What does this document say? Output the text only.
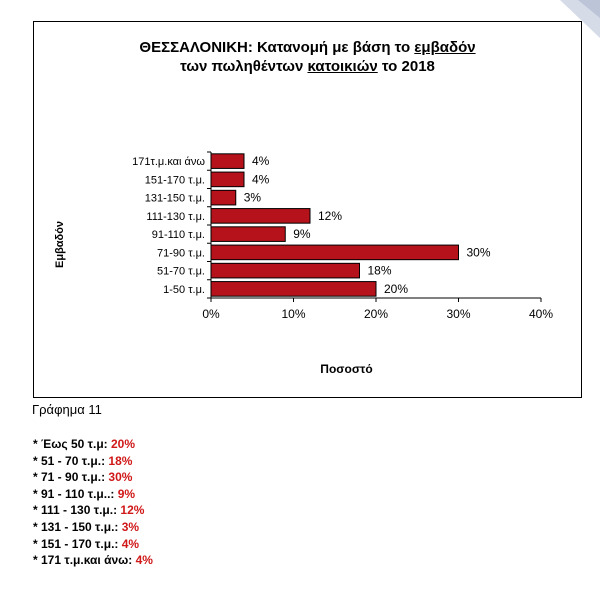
ΘΕΣΣΑΛΟΝΙΚΗ: Κατανομή με βάση το εμβαδόν
των πωληθέντων κατοικιών το 2018
Εμβαδόν
0%	10%	20%	30%	40%
171τ.μ.και άνω	4%
151-170 τ.μ.	4%
131-150 τ.μ.	3%
111-130 τ.μ.	12%
91-110 τ.μ.	9%
71-90 τ.μ.	30%
51-70 τ.μ.	18%
1-50 τ.μ.	20%
Ποσοστό
Γράφημα 11
* Έως 50 τ.μ: 20%
* 51 - 70 τ.μ.: 18%
* 71 - 90 τ.μ.: 30%
* 91 - 110 τ.μ..: 9%
* 111 - 130 τ.μ.: 12%
* 131 - 150 τ.μ.: 3%
* 151 - 170 τ.μ.: 4%
* 171 τ.μ.και άνω: 4%
